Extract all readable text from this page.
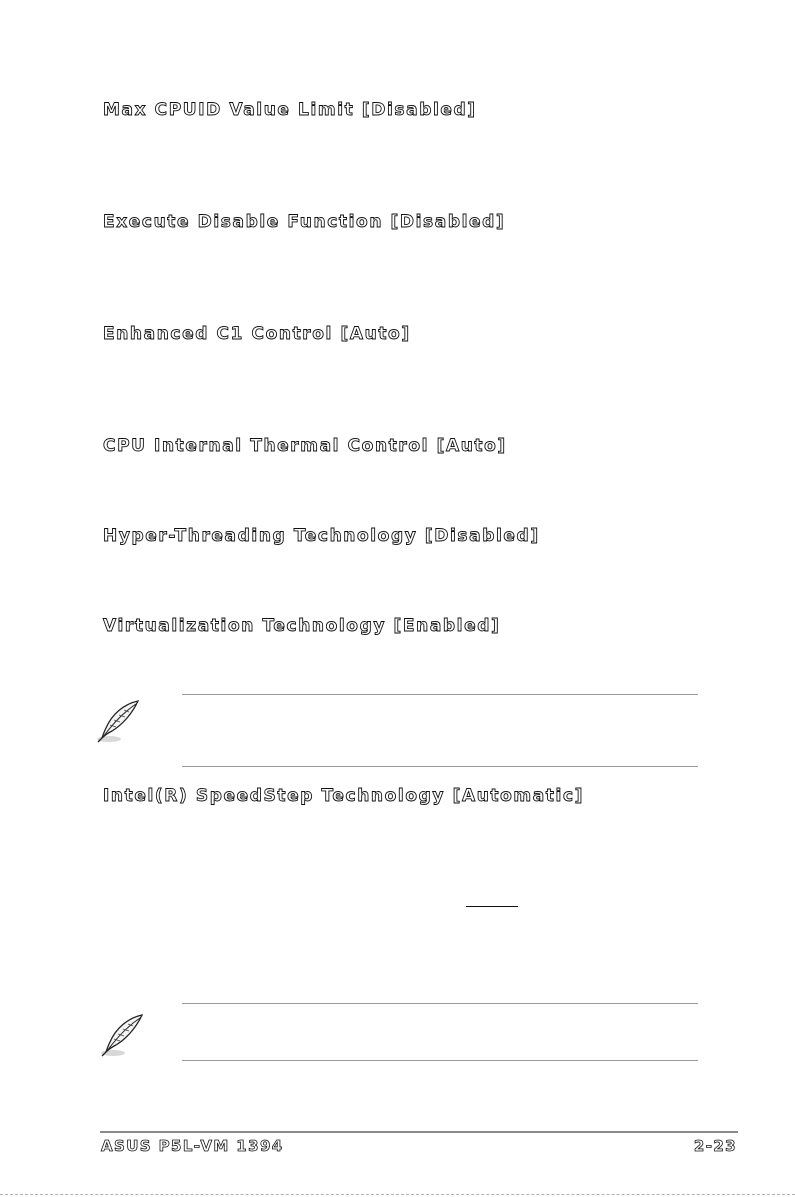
Max CPUID Value Limit [Disabled]
Execute Disable Function [Disabled]
Enhanced C1 Control [Auto]
CPU Internal Thermal Control [Auto]
Hyper-Threading Technology [Disabled]
Virtualization Technology [Enabled]
Intel(R) SpeedStep Technology [Automatic]
ASUS P5L-VM 1394	2-23
